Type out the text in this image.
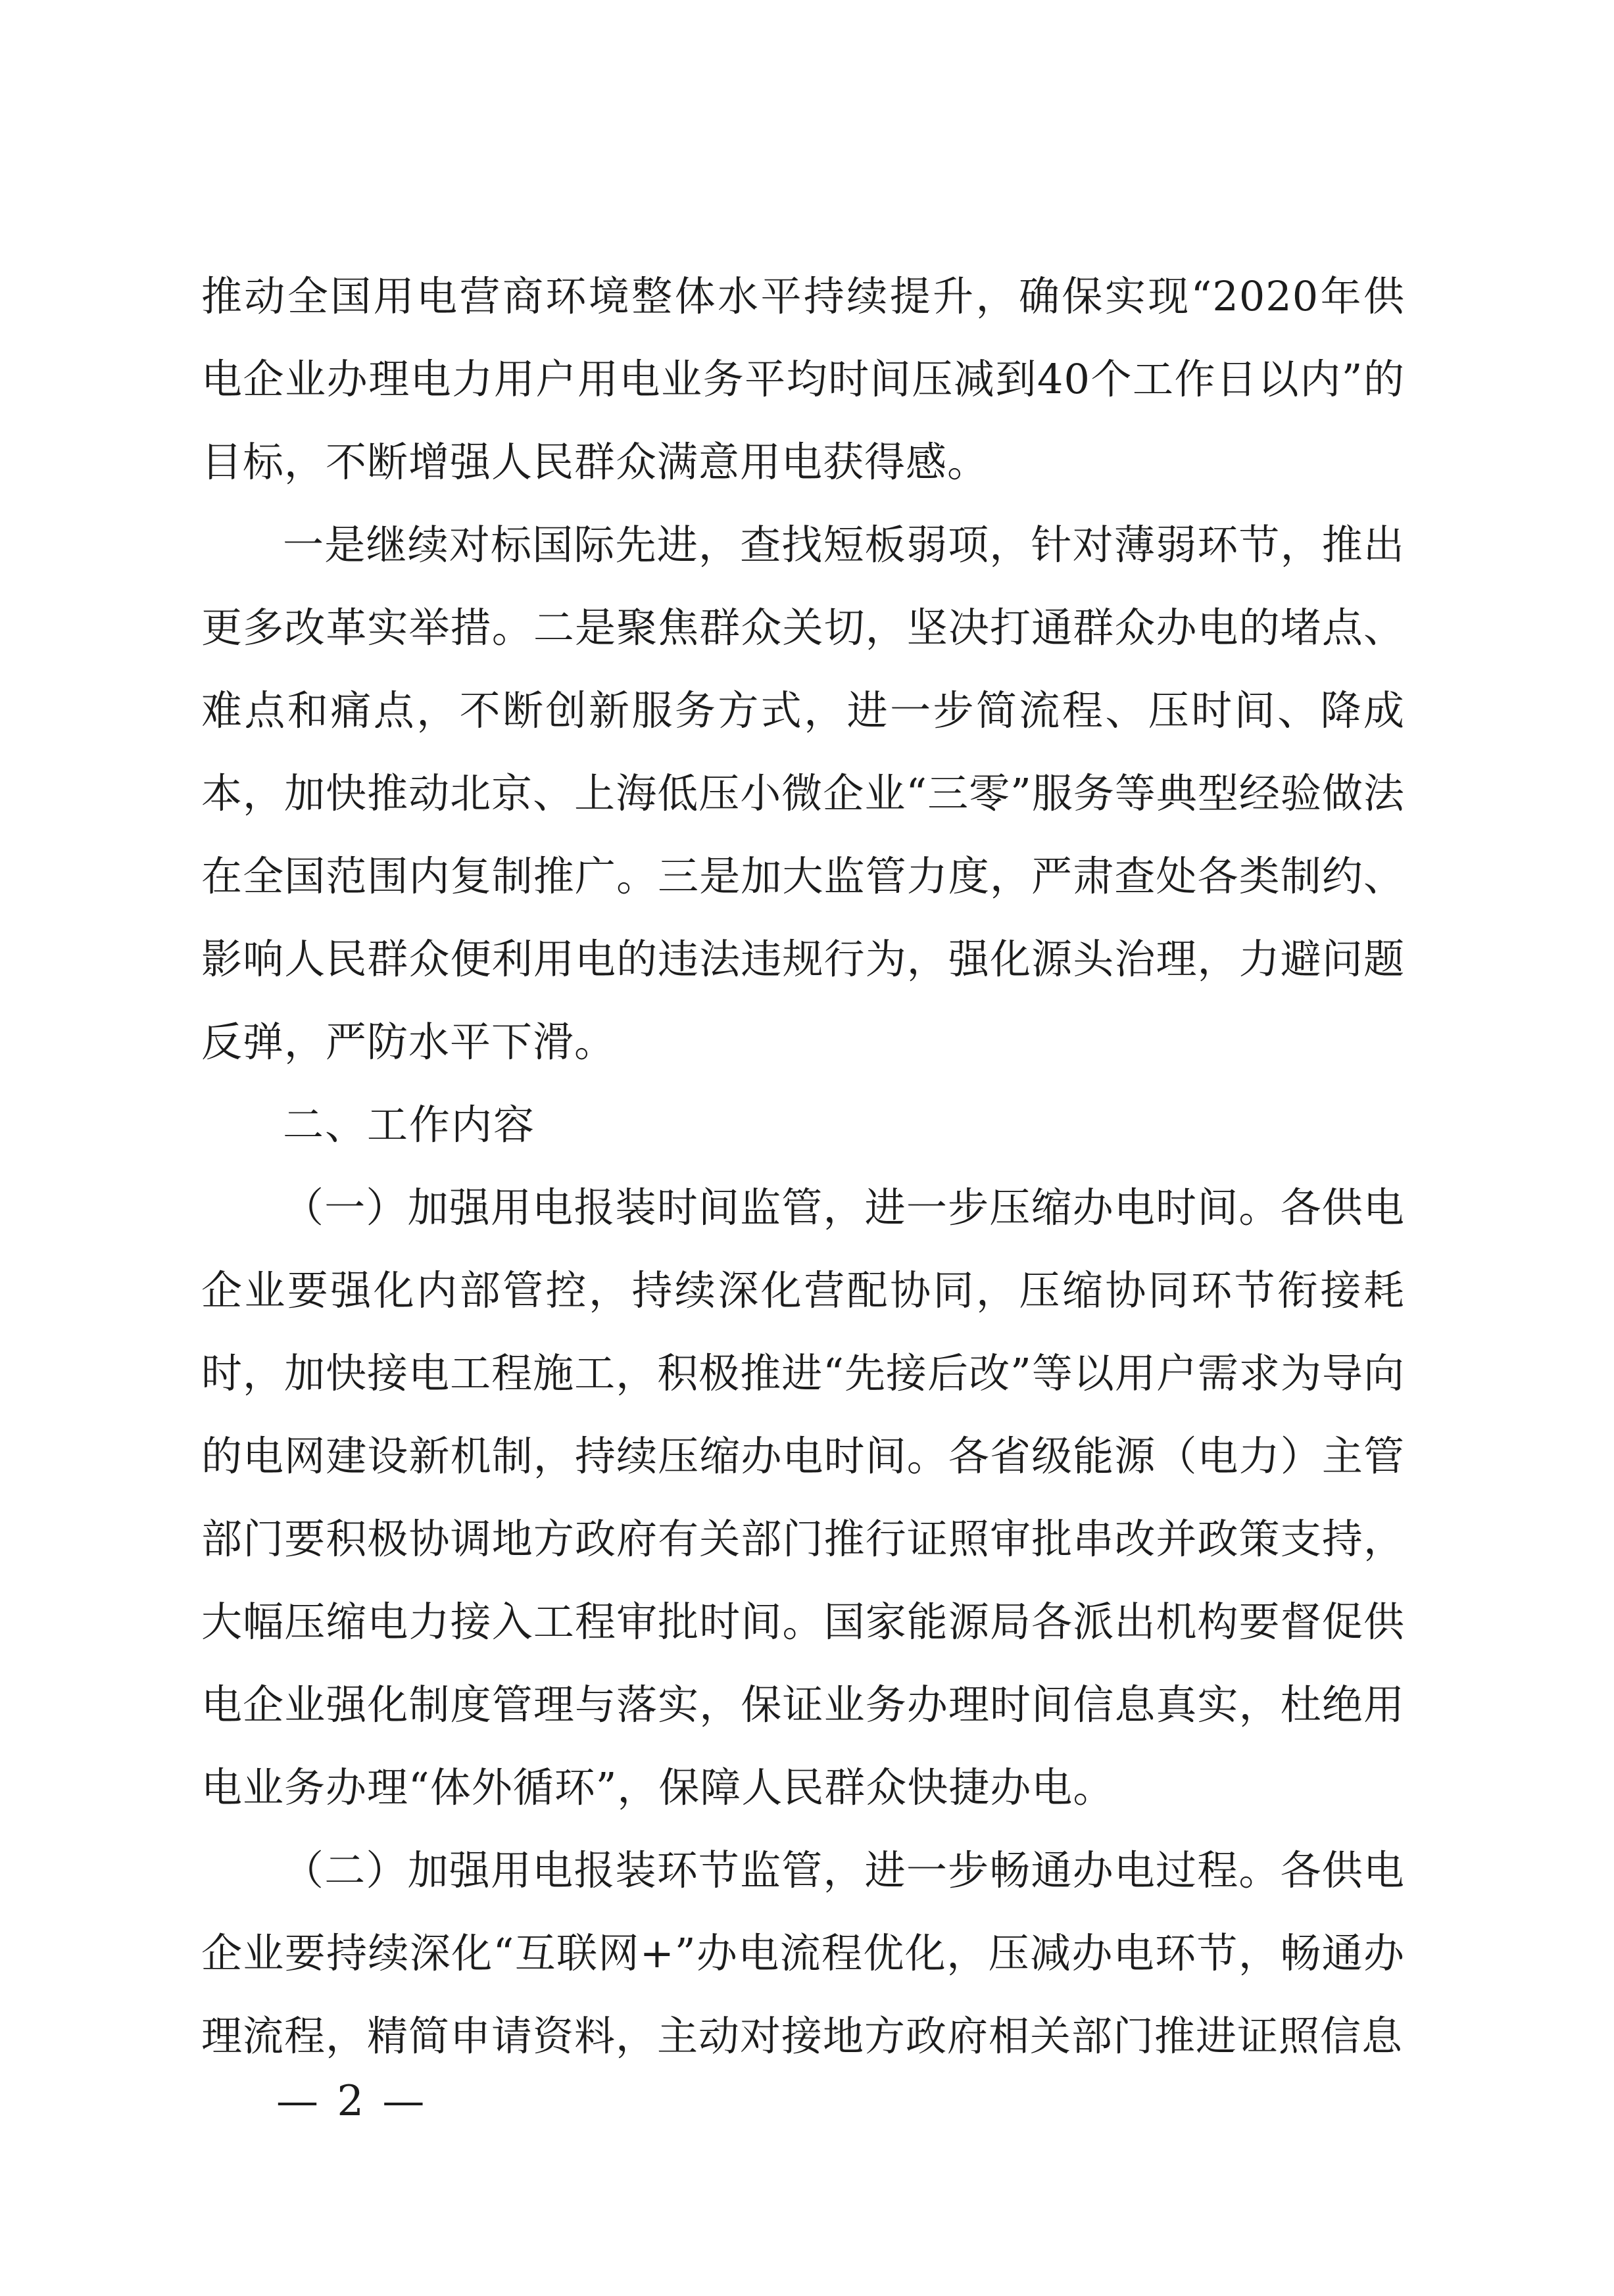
推动全国用电营商环境整体水平持续提升，确保实现“2020年供电企业办理电力用户用电业务平均时间压减到40个工作日以内”的目标，不断增强人民群众满意用电获得感。

一是继续对标国际先进，查找短板弱项，针对薄弱环节，推出更多改革实举措。二是聚焦群众关切，坚决打通群众办电的堵点、难点和痛点，不断创新服务方式，进一步简流程、压时间、降成本，加快推动北京、上海低压小微企业“三零”服务等典型经验做法在全国范围内复制推广。三是加大监管力度，严肃查处各类制约、影响人民群众便利用电的违法违规行为，强化源头治理，力避问题反弹，严防水平下滑。

二、工作内容

（一）加强用电报装时间监管，进一步压缩办电时间。各供电企业要强化内部管控，持续深化营配协同，压缩协同环节衔接耗时，加快接电工程施工，积极推进“先接后改”等以用户需求为导向的电网建设新机制，持续压缩办电时间。各省级能源（电力）主管部门要积极协调地方政府有关部门推行证照审批串改并政策支持，大幅压缩电力接入工程审批时间。国家能源局各派出机构要督促供电企业强化制度管理与落实，保证业务办理时间信息真实，杜绝用电业务办理“体外循环”，保障人民群众快捷办电。

（二）加强用电报装环节监管，进一步畅通办电过程。各供电企业要持续深化“互联网+”办电流程优化，压减办电环节，畅通办理流程，精简申请资料，主动对接地方政府相关部门推进证照信息

— 2 —
